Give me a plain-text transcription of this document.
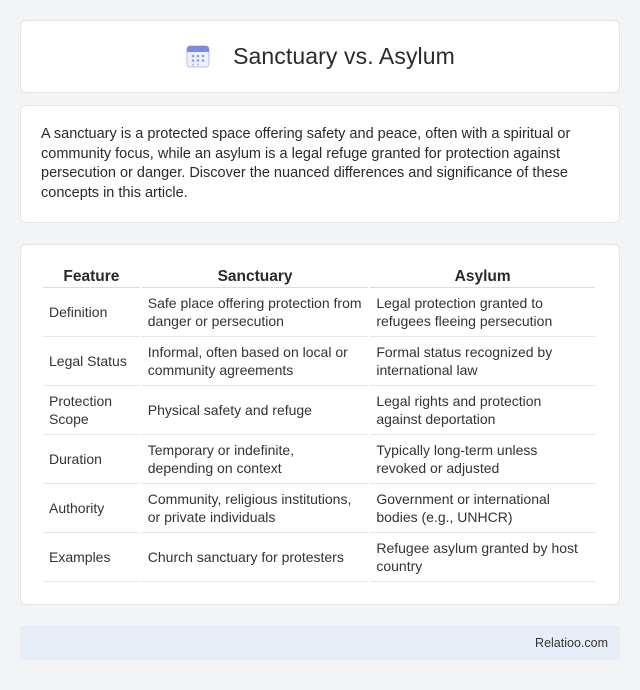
Sanctuary vs. Asylum

A sanctuary is a protected space offering safety and peace, often with a spiritual or community focus, while an asylum is a legal refuge granted for protection against persecution or danger. Discover the nuanced differences and significance of these concepts in this article.

Feature	Sanctuary	Asylum
Definition	Safe place offering protection from danger or persecution	Legal protection granted to refugees fleeing persecution
Legal Status	Informal, often based on local or community agreements	Formal status recognized by international law
Protection Scope	Physical safety and refuge	Legal rights and protection against deportation
Duration	Temporary or indefinite, depending on context	Typically long-term unless revoked or adjusted
Authority	Community, religious institutions, or private individuals	Government or international bodies (e.g., UNHCR)
Examples	Church sanctuary for protesters	Refugee asylum granted by host country
Relatioo.com
